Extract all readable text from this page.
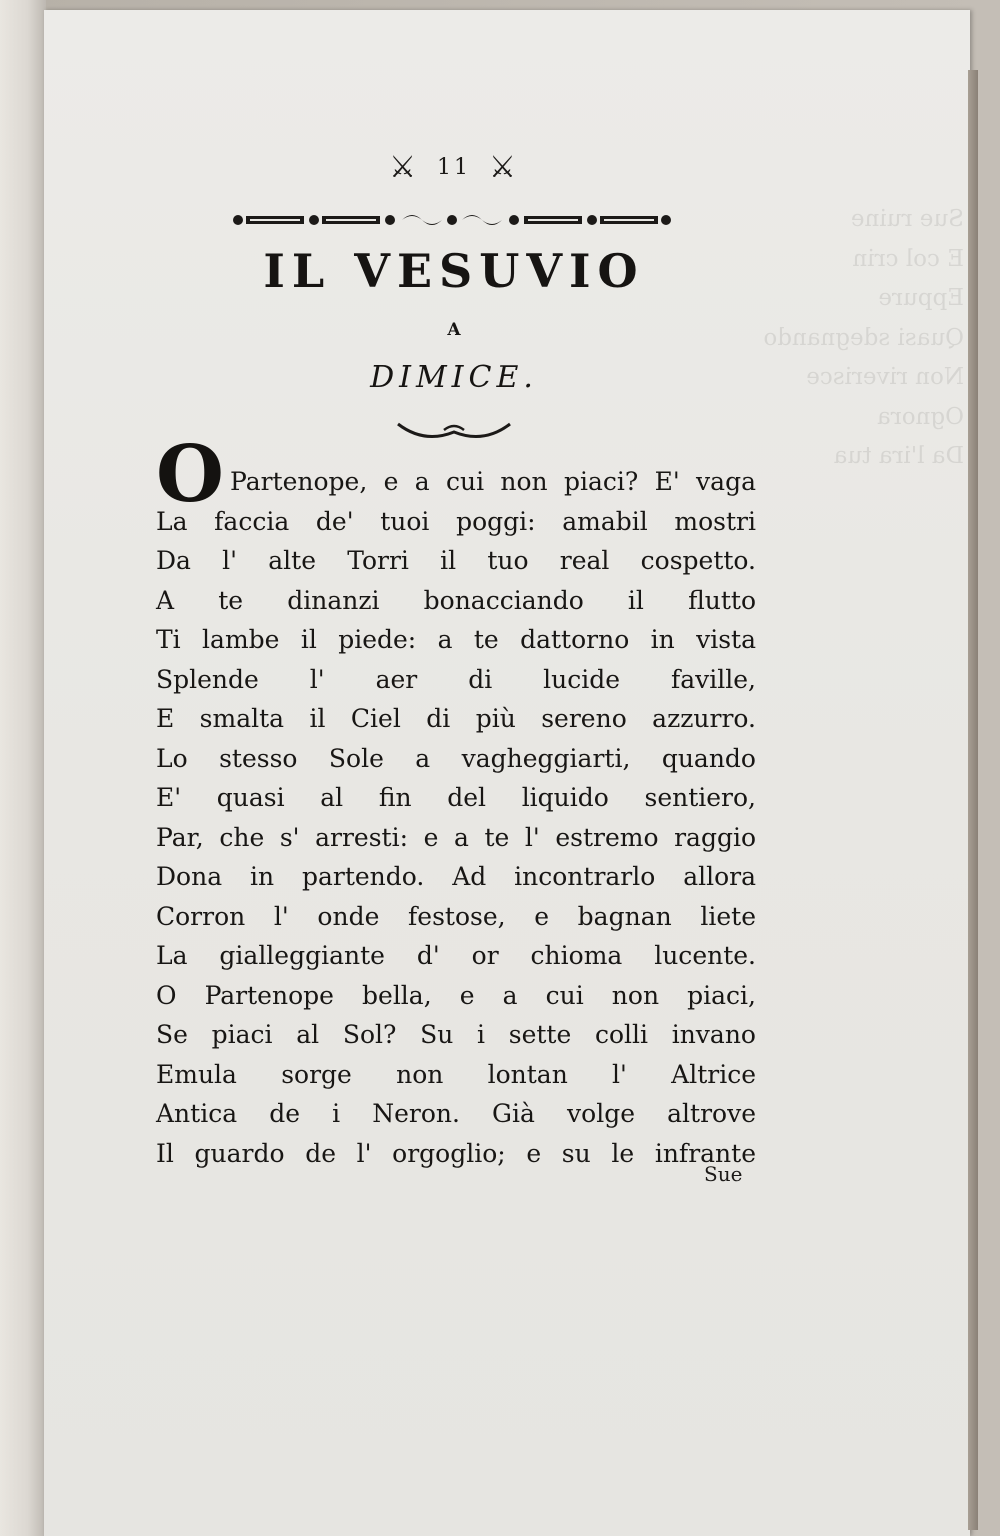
⚔ 11 ⚔
IL VESUVIO
A
DIMICE.
Sue ruine
E col crin
Eppure
Quasi sdegnando
Non riverisce
Ognora
Da l'ira tua
O Partenope, e a cui non piaci? E' vaga
La faccia de' tuoi poggi: amabil mostri
Da l' alte Torri il tuo real cospetto.
A te dinanzi bonacciando il flutto
Ti lambe il piede: a te dattorno in vista
Splende l' aer di lucide faville,
E smalta il Ciel di più sereno azzurro.
Lo stesso Sole a vagheggiarti, quando
E' quasi al fin del liquido sentiero,
Par, che s' arresti: e a te l' estremo raggio
Dona in partendo. Ad incontrarlo allora
Corron l' onde festose, e bagnan liete
La gialleggiante d' or chioma lucente.
O Partenope bella, e a cui non piaci,
Se piaci al Sol? Su i sette colli invano
Emula sorge non lontan l' Altrice
Antica de i Neron. Già volge altrove
Il guardo de l' orgoglio; e su le infrante
Sue
